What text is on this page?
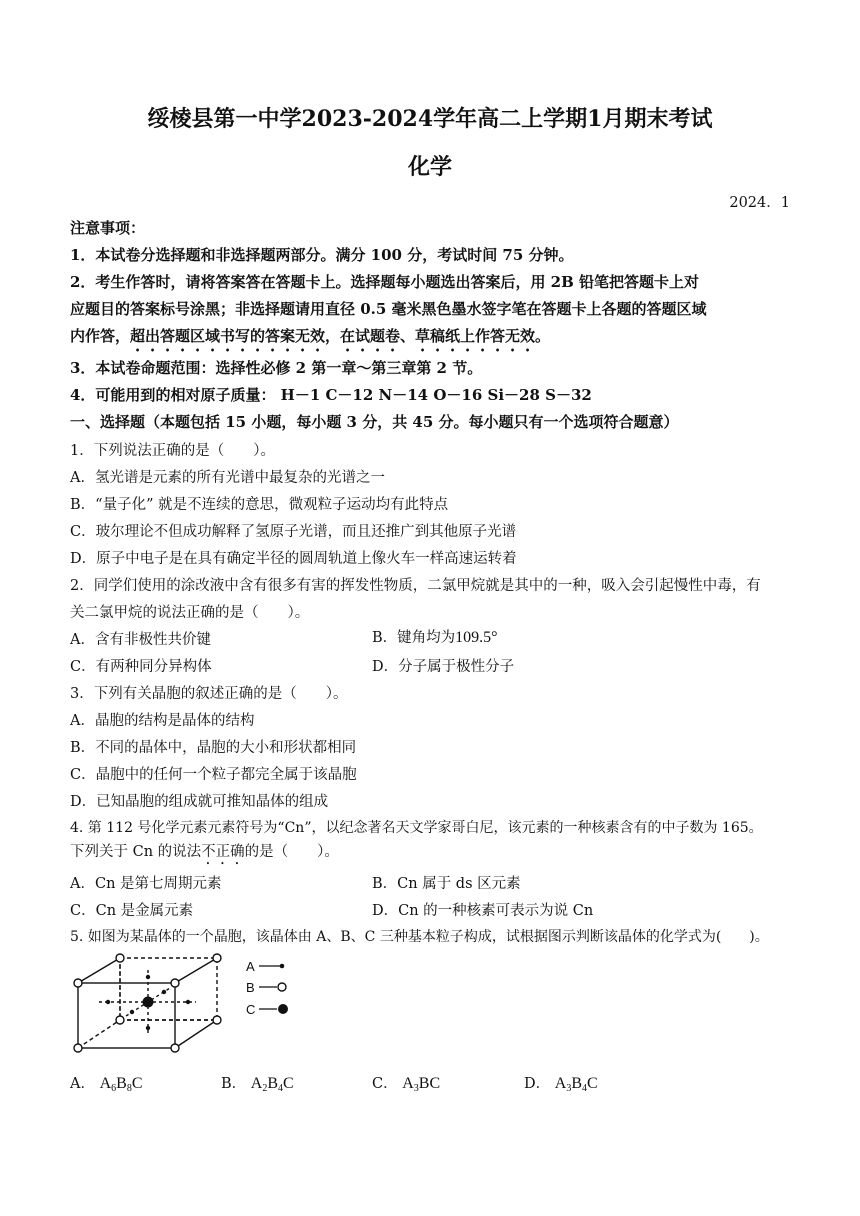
绥棱县第一中学2023-2024学年高二上学期1月期末考试
化学
2024．1
注意事项：
1．本试卷分选择题和非选择题两部分。满分 100 分，考试时间 75 分钟。
2．考生作答时，请将答案答在答题卡上。选择题每小题选出答案后，用 2B 铅笔把答题卡上对
应题目的答案标号涂黑；非选择题请用直径 0.5 毫米黑色墨水签字笔在答题卡上各题的答题区域
内作答，超出答题区域书写的答案无效，在试题卷、草稿纸上作答无效。
3．本试卷命题范围：选择性必修 2 第一章～第三章第 2 节。
4．可能用到的相对原子质量： H－1 C－12 N－14 O－16 Si－28 S－32
一、选择题（本题包括 15 小题，每小题 3 分，共 45 分。每小题只有一个选项符合题意）
1．下列说法正确的是（　　）。
A．氢光谱是元素的所有光谱中最复杂的光谱之一
B．“量子化” 就是不连续的意思，微观粒子运动均有此特点
C．玻尔理论不但成功解释了氢原子光谱，而且还推广到其他原子光谱
D．原子中电子是在具有确定半径的圆周轨道上像火车一样高速运转着
2．同学们使用的涂改液中含有很多有害的挥发性物质，二氯甲烷就是其中的一种，吸入会引起慢性中毒，有
关二氯甲烷的说法正确的是（　　）。
A．含有非极性共价键	B．键角均为109.5°
C．有两种同分异构体	D．分子属于极性分子
3．下列有关晶胞的叙述正确的是（　　）。
A．晶胞的结构是晶体的结构
B．不同的晶体中，晶胞的大小和形状都相同
C．晶胞中的任何一个粒子都完全属于该晶胞
D．已知晶胞的组成就可推知晶体的组成
4. 第 112 号化学元素元素符号为“Cn”，以纪念著名天文学家哥白尼，该元素的一种核素含有的中子数为 165。
下列关于 Cn 的说法不正确的是（　　）。
A．Cn 是第七周期元素	B．Cn 属于 ds 区元素
C．Cn 是金属元素	D．Cn 的一种核素可表示为说 Cn
5. 如图为某晶体的一个晶胞，该晶体由 A、B、C 三种基本粒子构成，试根据图示判断该晶体的化学式为(　　)。
A
B
C
A． $A_6B_8C$	B． $A_2B_4C$	C． $A_3BC$	D． $A_3B_4C$
